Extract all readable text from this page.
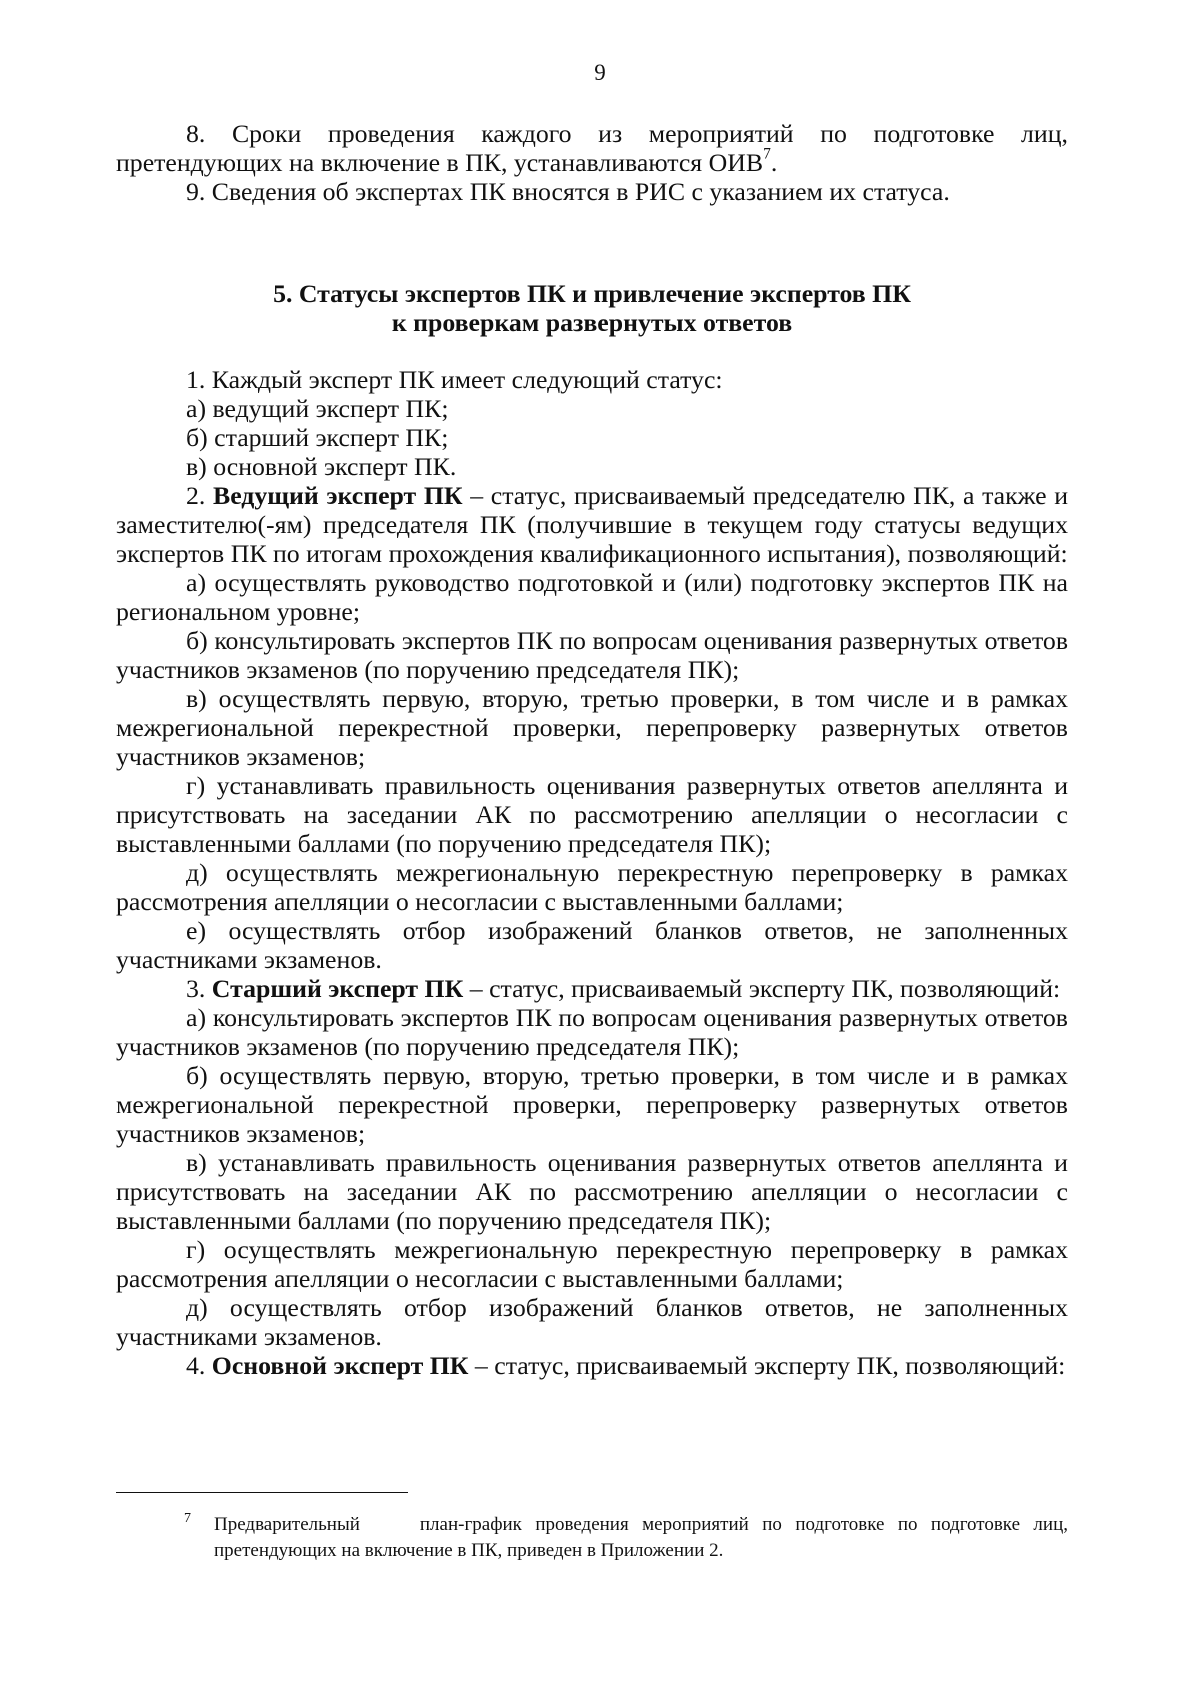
9

8. Сроки проведения каждого из мероприятий по подготовке лиц, претендующих на включение в ПК, устанавливаются ОИВ$^7$.

9. Сведения об экспертах ПК вносятся в РИС с указанием их статуса.

5. Статусы экспертов ПК и привлечение экспертов ПК
к проверкам развернутых ответов

1. Каждый эксперт ПК имеет следующий статус:

а) ведущий эксперт ПК;

б) старший эксперт ПК;

в) основной эксперт ПК.

2. Ведущий эксперт ПК – статус, присваиваемый председателю ПК, а также и заместителю(-ям) председателя ПК (получившие в текущем году статусы ведущих экспертов ПК по итогам прохождения квалификационного испытания), позволяющий:

а) осуществлять руководство подготовкой и (или) подготовку экспертов ПК на региональном уровне;

б) консультировать экспертов ПК по вопросам оценивания развернутых ответов участников экзаменов (по поручению председателя ПК);

в) осуществлять первую, вторую, третью проверки, в том числе и в рамках межрегиональной перекрестной проверки, перепроверку развернутых ответов участников экзаменов;

г) устанавливать правильность оценивания развернутых ответов апеллянта и присутствовать на заседании АК по рассмотрению апелляции о несогласии с выставленными баллами (по поручению председателя ПК);

д) осуществлять межрегиональную перекрестную перепроверку в рамках рассмотрения апелляции о несогласии с выставленными баллами;

е) осуществлять отбор изображений бланков ответов, не заполненных участниками экзаменов.

3. Старший эксперт ПК – статус, присваиваемый эксперту ПК, позволяющий:

а) консультировать экспертов ПК по вопросам оценивания развернутых ответов участников экзаменов (по поручению председателя ПК);

б) осуществлять первую, вторую, третью проверки, в том числе и в рамках межрегиональной перекрестной проверки, перепроверку развернутых ответов участников экзаменов;

в) устанавливать правильность оценивания развернутых ответов апеллянта и присутствовать на заседании АК по рассмотрению апелляции о несогласии с выставленными баллами (по поручению председателя ПК);

г) осуществлять межрегиональную перекрестную перепроверку в рамках рассмотрения апелляции о несогласии с выставленными баллами;

д) осуществлять отбор изображений бланков ответов, не заполненных участниками экзаменов.

4. Основной эксперт ПК – статус, присваиваемый эксперту ПК, позволяющий:

7 Предварительный	план-график проведения мероприятий по подготовке по подготовке лиц, претендующих на включение в ПК, приведен в Приложении 2.
